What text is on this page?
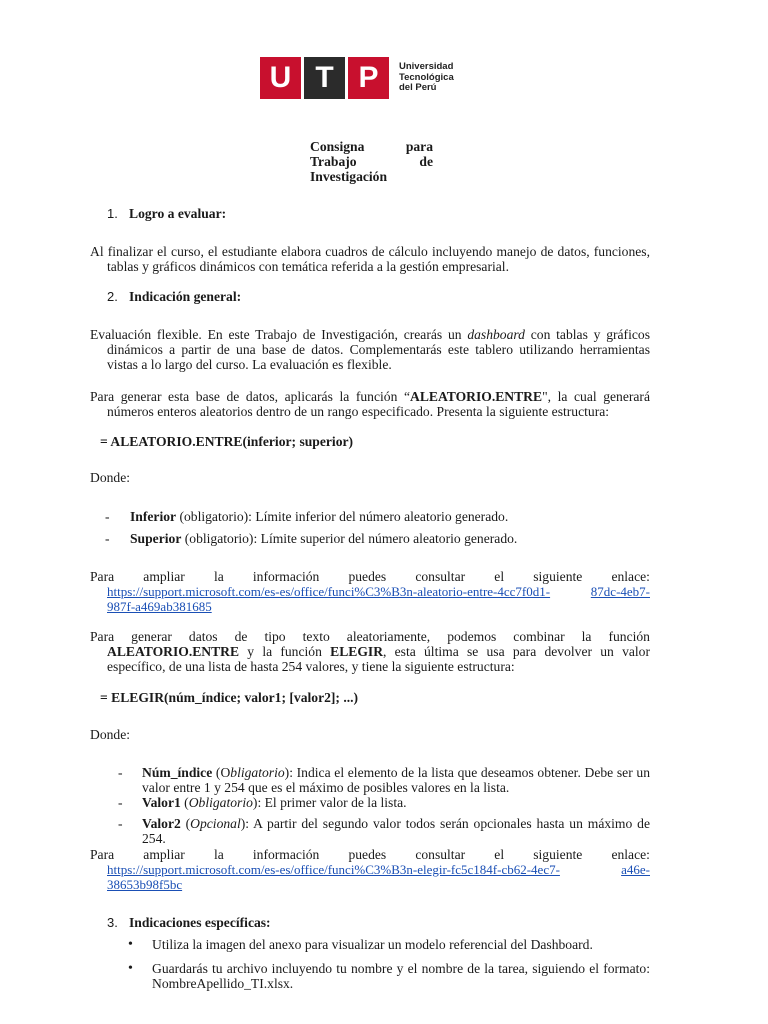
U T P	Universidad
Tecnológica
del Perú
Consigna	para
Trabajo	de
Investigación
1. Logro a evaluar:
Al finalizar el curso, el estudiante elabora cuadros de cálculo incluyendo manejo de datos, funciones, tablas y gráficos dinámicos con temática referida a la gestión empresarial.
2. Indicación general:
Evaluación flexible. En este Trabajo de Investigación, crearás un dashboard con tablas y gráficos dinámicos a partir de una base de datos. Complementarás este tablero utilizando herramientas vistas a lo largo del curso. La evaluación es flexible.
Para generar esta base de datos, aplicarás la función “ALEATORIO.ENTRE", la cual generará números enteros aleatorios dentro de un rango especificado. Presenta la siguiente estructura:
= ALEATORIO.ENTRE(inferior; superior)
Donde:
- Inferior (obligatorio): Límite inferior del número aleatorio generado.
- Superior (obligatorio): Límite superior del número aleatorio generado.
Para ampliar la información puedes consultar el siguiente enlace:
https://support.microsoft.com/es-es/office/funci%C3%B3n-aleatorio-entre-4cc7f0d1-	87dc-4eb7-
987f-a469ab381685
Para generar datos de tipo texto aleatoriamente, podemos combinar la función
ALEATORIO.ENTRE y la función ELEGIR, esta última se usa para devolver un valor específico, de una lista de hasta 254 valores, y tiene la siguiente estructura:
= ELEGIR(núm_índice; valor1; [valor2]; ...)
Donde:
-	Núm_índice (Obligatorio): Indica el elemento de la lista que deseamos obtener. Debe ser un valor entre 1 y 254 que es el máximo de posibles valores en la lista.
-	Valor1 (Obligatorio): El primer valor de la lista.
-	Valor2 (Opcional): A partir del segundo valor todos serán opcionales hasta un máximo de 254.
Para ampliar la información puedes consultar el siguiente enlace:
https://support.microsoft.com/es-es/office/funci%C3%B3n-elegir-fc5c184f-cb62-4ec7-	a46e-
38653b98f5bc
3. Indicaciones específicas:
•	Utiliza la imagen del anexo para visualizar un modelo referencial del Dashboard.
•	Guardarás tu archivo incluyendo tu nombre y el nombre de la tarea, siguiendo el formato: NombreApellido_TI.xlsx.
